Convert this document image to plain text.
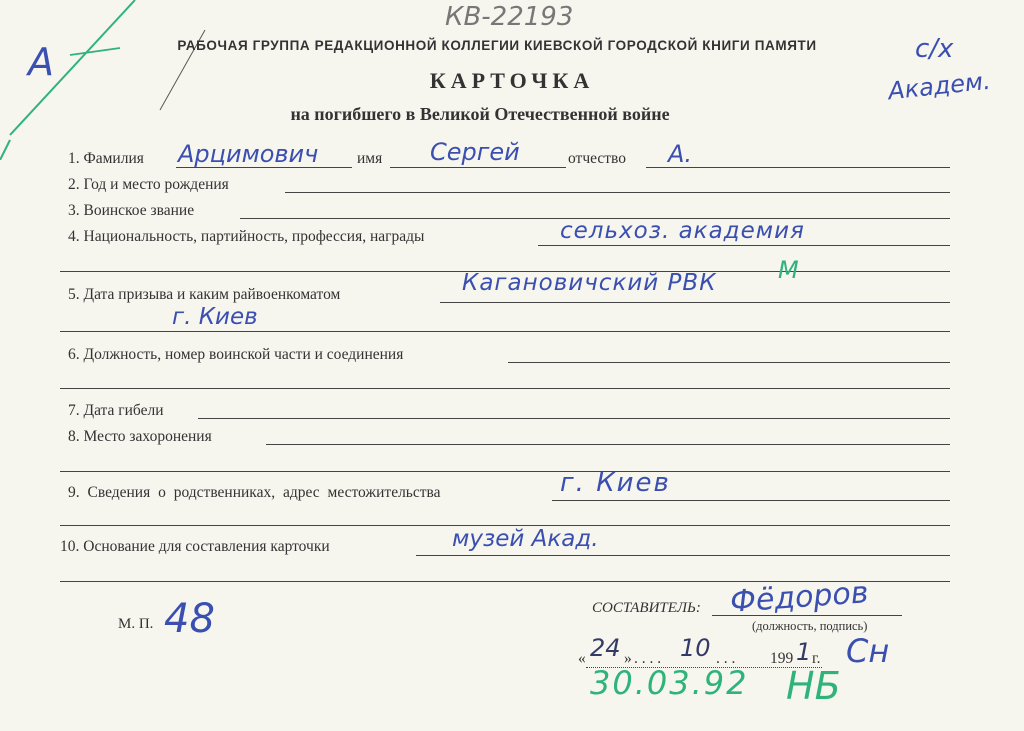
КВ-22193
А	с/х
Академ.
РАБОЧАЯ ГРУППА РЕДАКЦИОННОЙ КОЛЛЕГИИ КИЕВСКОЙ ГОРОДСКОЙ КНИГИ ПАМЯТИ
КАРТОЧКА
на погибшего в Великой Отечественной войне
1. Фамилия Арцимович имя Сергей	отчество А.
2. Год и место рождения
3. Воинское звание
4. Национальность, партийность, профессия, награды	сельхоз. академия
5. Дата призыва и каким райвоенкоматом	Кагановичский РВК	М
г. Киев
6. Должность, номер воинской части и соединения
7. Дата гибели
8. Место захоронения
9. Сведения о родственниках, адрес местожительства	г. Киев
10. Основание для составления карточки	музей Акад.
М. П. 48	СОСТАВИТЕЛЬ: Фёдоров
(должность, подпись)
« 24 » . . . . 10 . . . 199 1 г. Сн
30.03.92 НБ
